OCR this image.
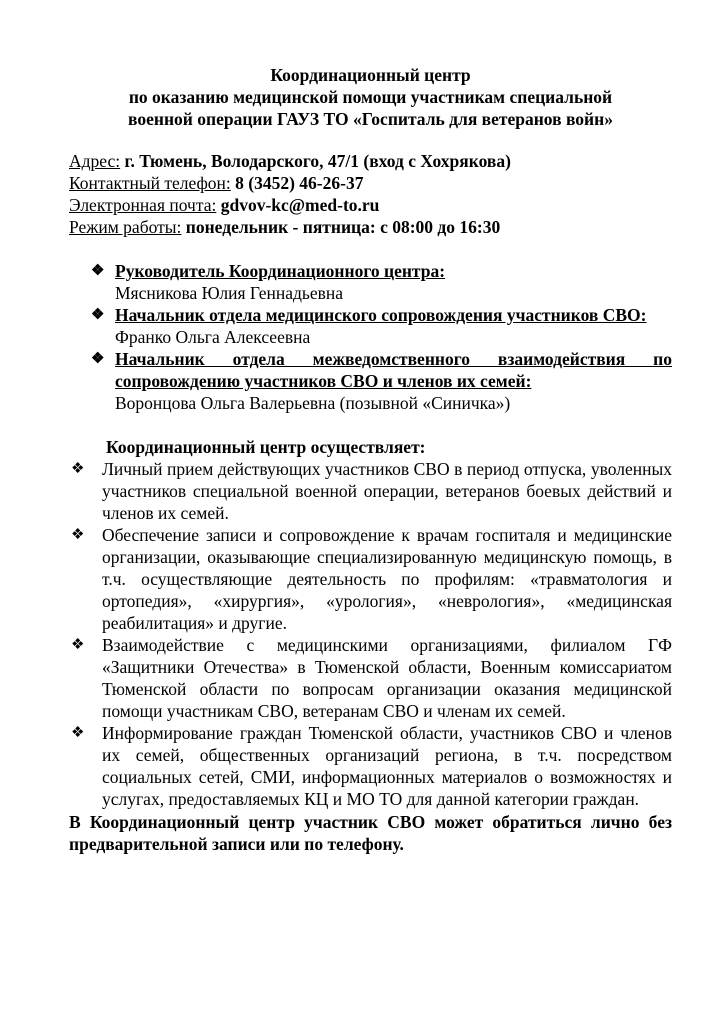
Координационный центр
по оказанию медицинской помощи участникам специальной
военной операции ГАУЗ ТО «Госпиталь для ветеранов войн»
Адрес: г. Тюмень, Володарского, 47/1 (вход с Хохрякова)
Контактный телефон: 8 (3452) 46-26-37
Электронная почта: gdvov-kc@med-to.ru
Режим работы: понедельник - пятница: с 08:00 до 16:30
❖ Руководитель Координационного центра:
Мясникова Юлия Геннадьевна
❖ Начальник отдела медицинского сопровождения участников СВО:
Франко Ольга Алексеевна
❖ Начальник отдела межведомственного взаимодействия по сопровождению участников СВО и членов их семей:
Воронцова Ольга Валерьевна (позывной «Синичка»)
Координационный центр осуществляет:
❖ Личный прием действующих участников СВО в период отпуска, уволенных участников специальной военной операции, ветеранов боевых действий и членов их семей.
❖ Обеспечение записи и сопровождение к врачам госпиталя и медицинские организации, оказывающие специализированную медицинскую помощь, в т.ч. осуществляющие деятельность по профилям: «травматология и ортопедия», «хирургия», «урология», «неврология», «медицинская реабилитация» и другие.
❖ Взаимодействие с медицинскими организациями, филиалом ГФ «Защитники Отечества» в Тюменской области, Военным комиссариатом Тюменской области по вопросам организации оказания медицинской помощи участникам СВО, ветеранам СВО и членам их семей.
❖ Информирование граждан Тюменской области, участников СВО и членов их семей, общественных организаций региона, в т.ч. посредством социальных сетей, СМИ, информационных материалов о возможностях и услугах, предоставляемых КЦ и МО ТО для данной категории граждан.
В Координационный центр участник СВО может обратиться лично без предварительной записи или по телефону.
